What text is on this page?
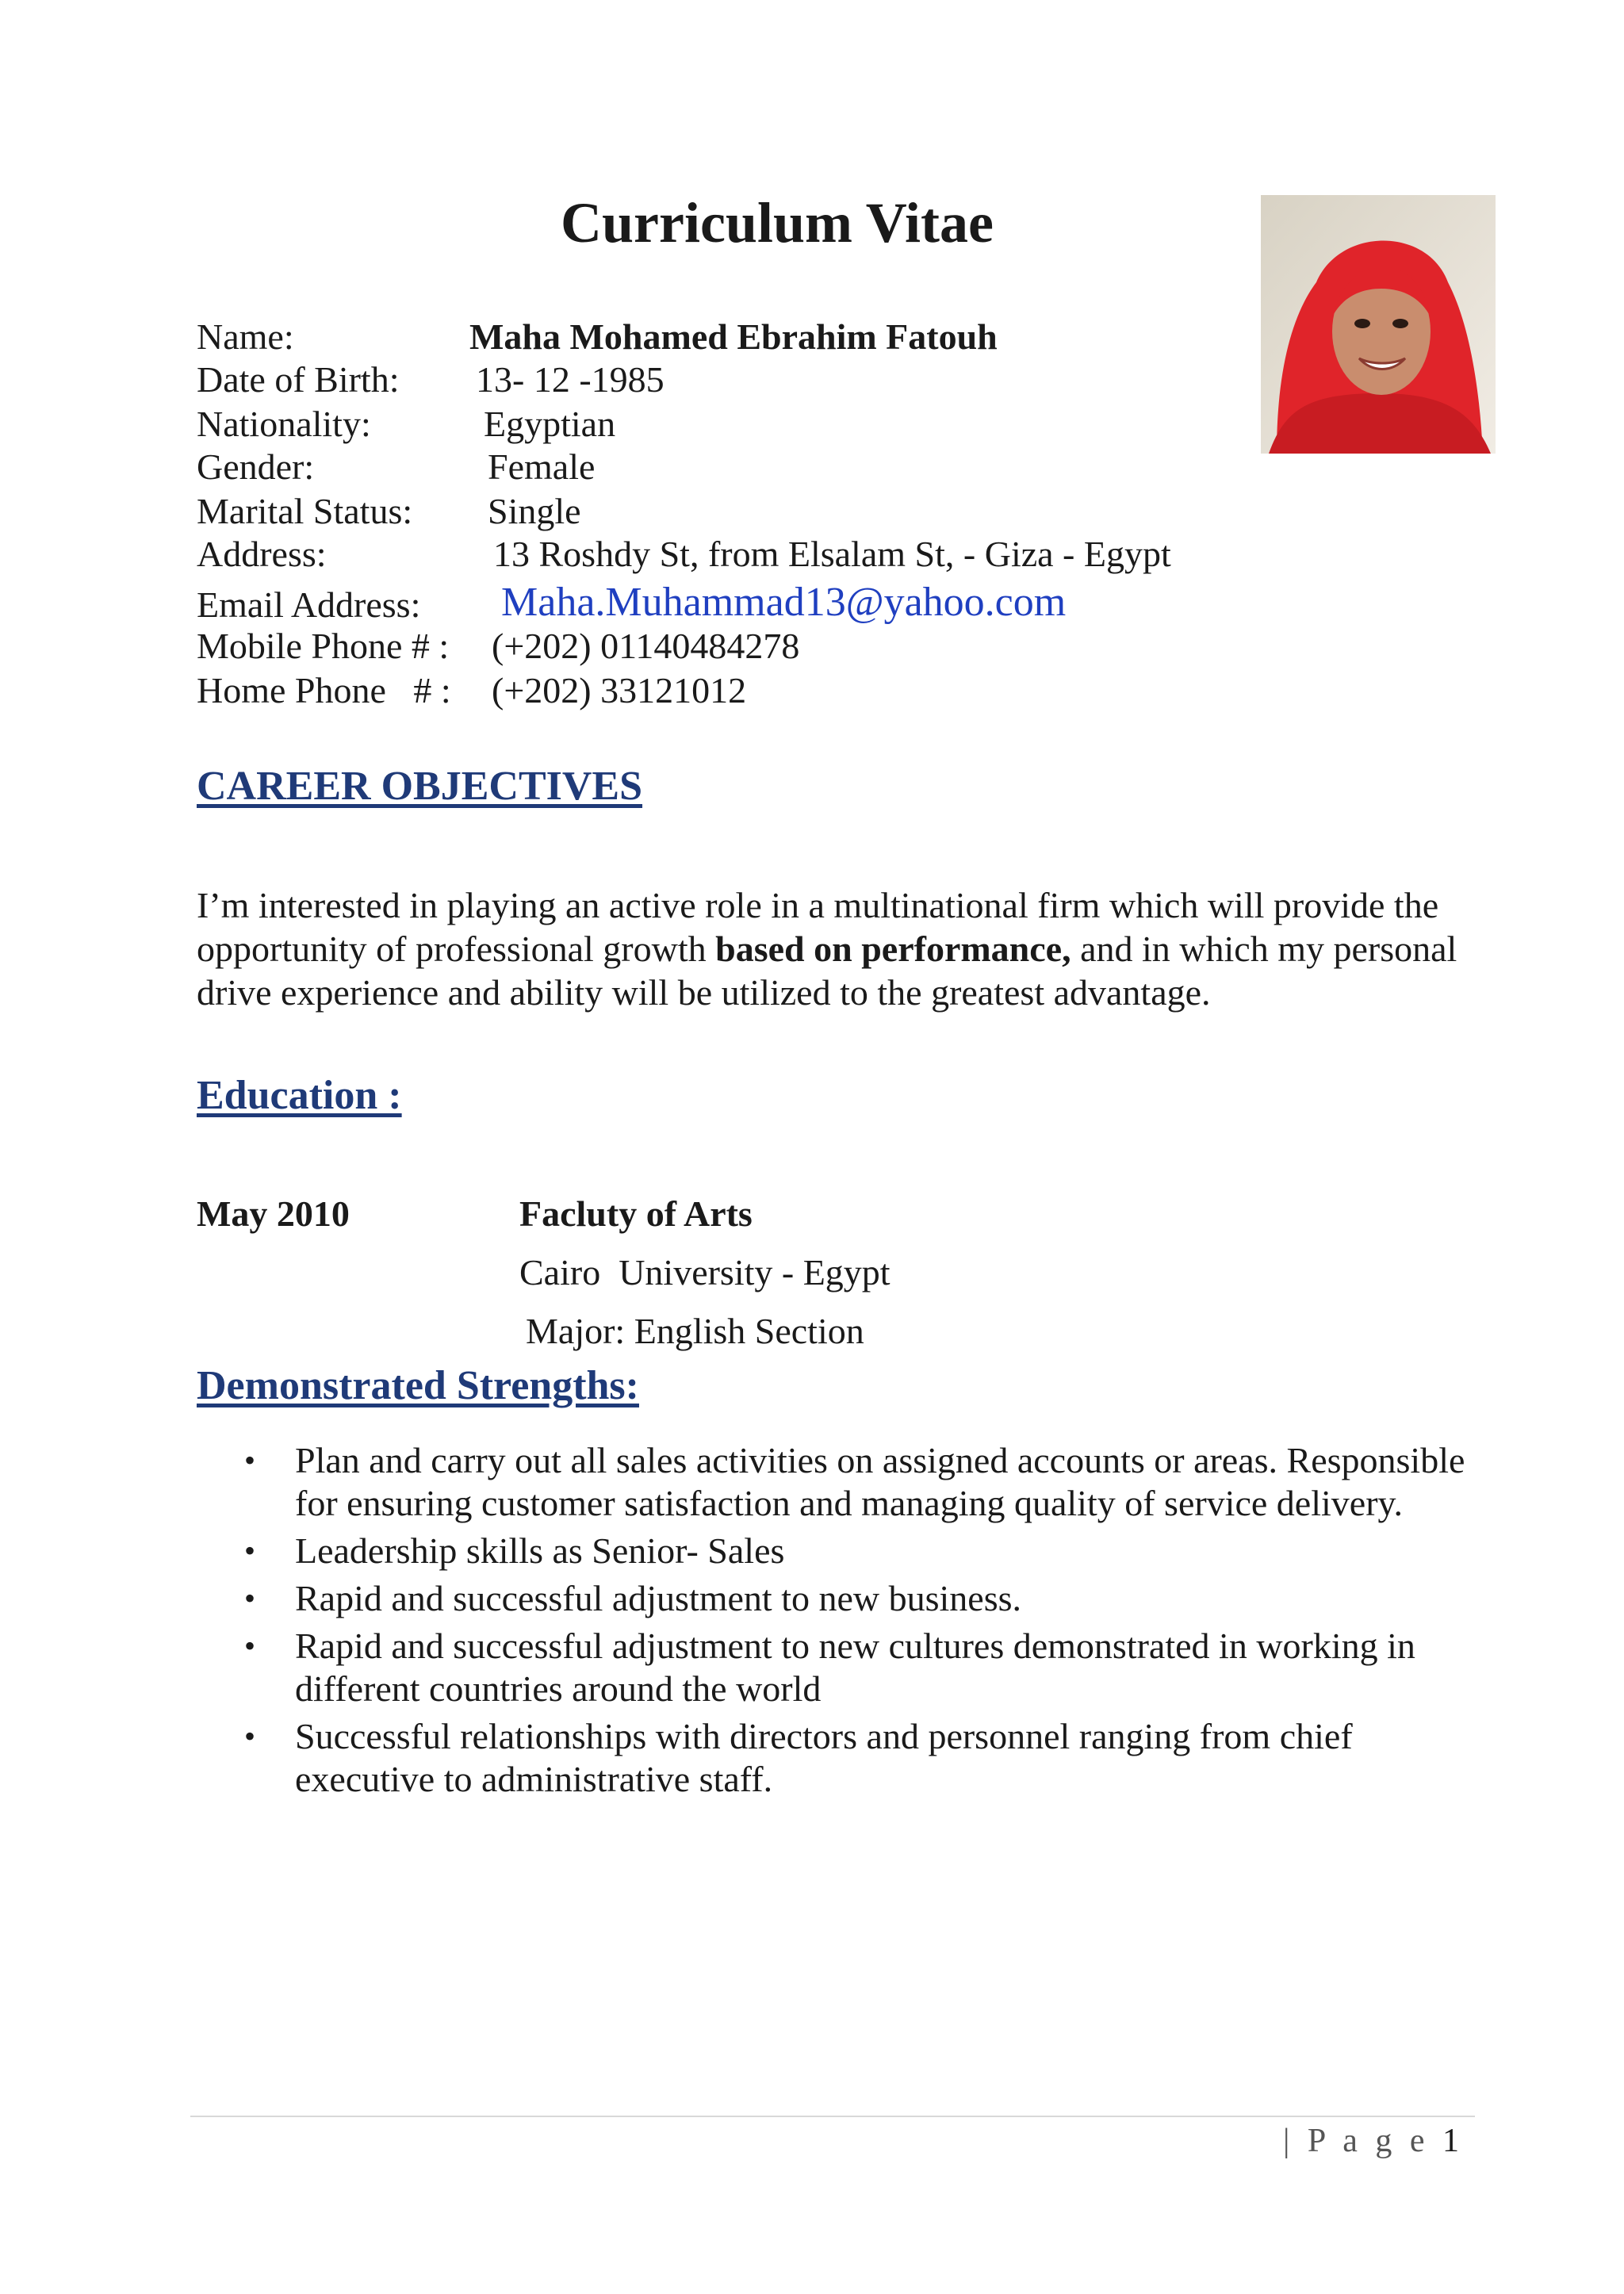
Curriculum Vitae
Name:	Maha Mohamed Ebrahim Fatouh
Date of Birth: 13- 12 -1985
Nationality:	Egyptian
Gender:	Female
Marital Status: Single
Address:	13 Roshdy St, from Elsalam St, - Giza - Egypt
Email Address: Maha.Muhammad13@yahoo.com
Mobile Phone # : (+202) 01140484278
Home Phone   # : (+202) 33121012
CAREER OBJECTIVES
I’m interested in playing an active role in a multinational firm which will provide the opportunity of professional growth based on performance, and in which my personal drive experience and ability will be utilized to the greatest advantage.
Education :
May 2010	Facluty of Arts
Cairo  University - Egypt
Major: English Section
Demonstrated Strengths:
• Plan and carry out all sales activities on assigned accounts or areas. Responsible for ensuring customer satisfaction and managing quality of service delivery.
• Leadership skills as Senior- Sales
• Rapid and successful adjustment to new business.
• Rapid and successful adjustment to new cultures demonstrated in working in different countries around the world
• Successful relationships with directors and personnel ranging from chief executive to administrative staff.
| P a g e 1
